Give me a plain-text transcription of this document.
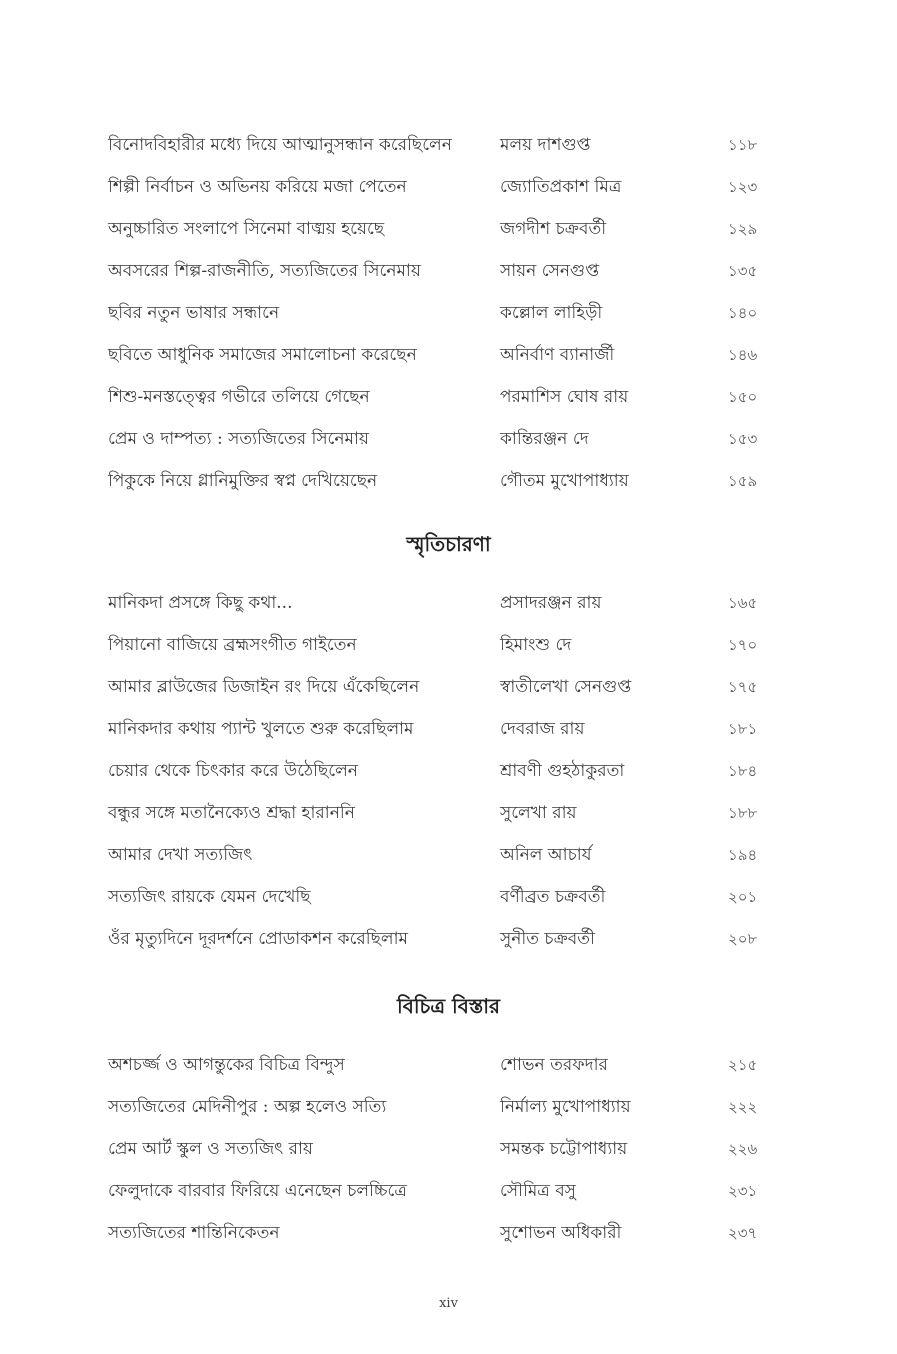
বিনোদবিহারীর মধ্যে দিয়ে আত্মানুসন্ধান করেছিলেন	মলয় দাশগুপ্ত	১১৮
শিল্পী নির্বাচন ও অভিনয় করিয়ে মজা পেতেন	জ্যোতিপ্রকাশ মিত্র	১২৩
অনুচ্চারিত সংলাপে সিনেমা বাঙ্ময় হয়েছে	জগদীশ চক্রবর্তী	১২৯
অবসরের শিল্প-রাজনীতি, সত্যজিতের সিনেমায়	সায়ন সেনগুপ্ত	১৩৫
ছবির নতুন ভাষার সন্ধানে	কল্লোল লাহিড়ী	১৪০
ছবিতে আধুনিক সমাজের সমালোচনা করেছেন	অনির্বাণ ব্যানার্জী	১৪৬
শিশু-মনস্তত্ত্বের গভীরে তলিয়ে গেছেন	পরমাশিস ঘোষ রায়	১৫০
প্রেম ও দাম্পত্য : সত্যজিতের সিনেমায়	কান্তিরঞ্জন দে	১৫৩
পিকুকে নিয়ে গ্লানিমুক্তির স্বপ্ন দেখিয়েছেন	গৌতম মুখোপাধ্যায়	১৫৯
স্মৃতিচারণা
মানিকদা প্রসঙ্গে কিছু কথা...	প্রসাদরঞ্জন রায়	১৬৫
পিয়ানো বাজিয়ে ব্রহ্মসংগীত গাইতেন	হিমাংশু দে	১৭০
আমার ব্লাউজের ডিজাইন রং দিয়ে এঁকেছিলেন	স্বাতীলেখা সেনগুপ্ত	১৭৫
মানিকদার কথায় প্যান্ট খুলতে শুরু করেছিলাম	দেবরাজ রায়	১৮১
চেয়ার থেকে চিৎকার করে উঠেছিলেন	শ্রাবণী গুহঠাকুরতা	১৮৪
বন্ধুর সঙ্গে মতানৈক্যেও শ্রদ্ধা হারাননি	সুলেখা রায়	১৮৮
আমার দেখা সত্যজিৎ	অনিল আচার্য	১৯৪
সত্যজিৎ রায়কে যেমন দেখেছি	বর্ণীব্রত চক্রবর্তী	২০১
ওঁর মৃত্যুদিনে দূরদর্শনে প্রোডাকশন করেছিলাম	সুনীত চক্রবর্তী	২০৮
বিচিত্র বিস্তার
অশচর্জ্জ ও আগন্তুকের বিচিত্র বিন্দুস	শোভন তরফদার	২১৫
সত্যজিতের মেদিনীপুর : অল্প হলেও সত্যি	নির্মাল্য মুখোপাধ্যায়	২২২
প্রেম আর্ট স্কুল ও সত্যজিৎ রায়	সমন্তক চট্টোপাধ্যায়	২২৬
ফেলুদাকে বারবার ফিরিয়ে এনেছেন চলচ্চিত্রে	সৌমিত্র বসু	২৩১
সত্যজিতের শান্তিনিকেতন	সুশোভন অধিকারী	২৩৭
xiv
